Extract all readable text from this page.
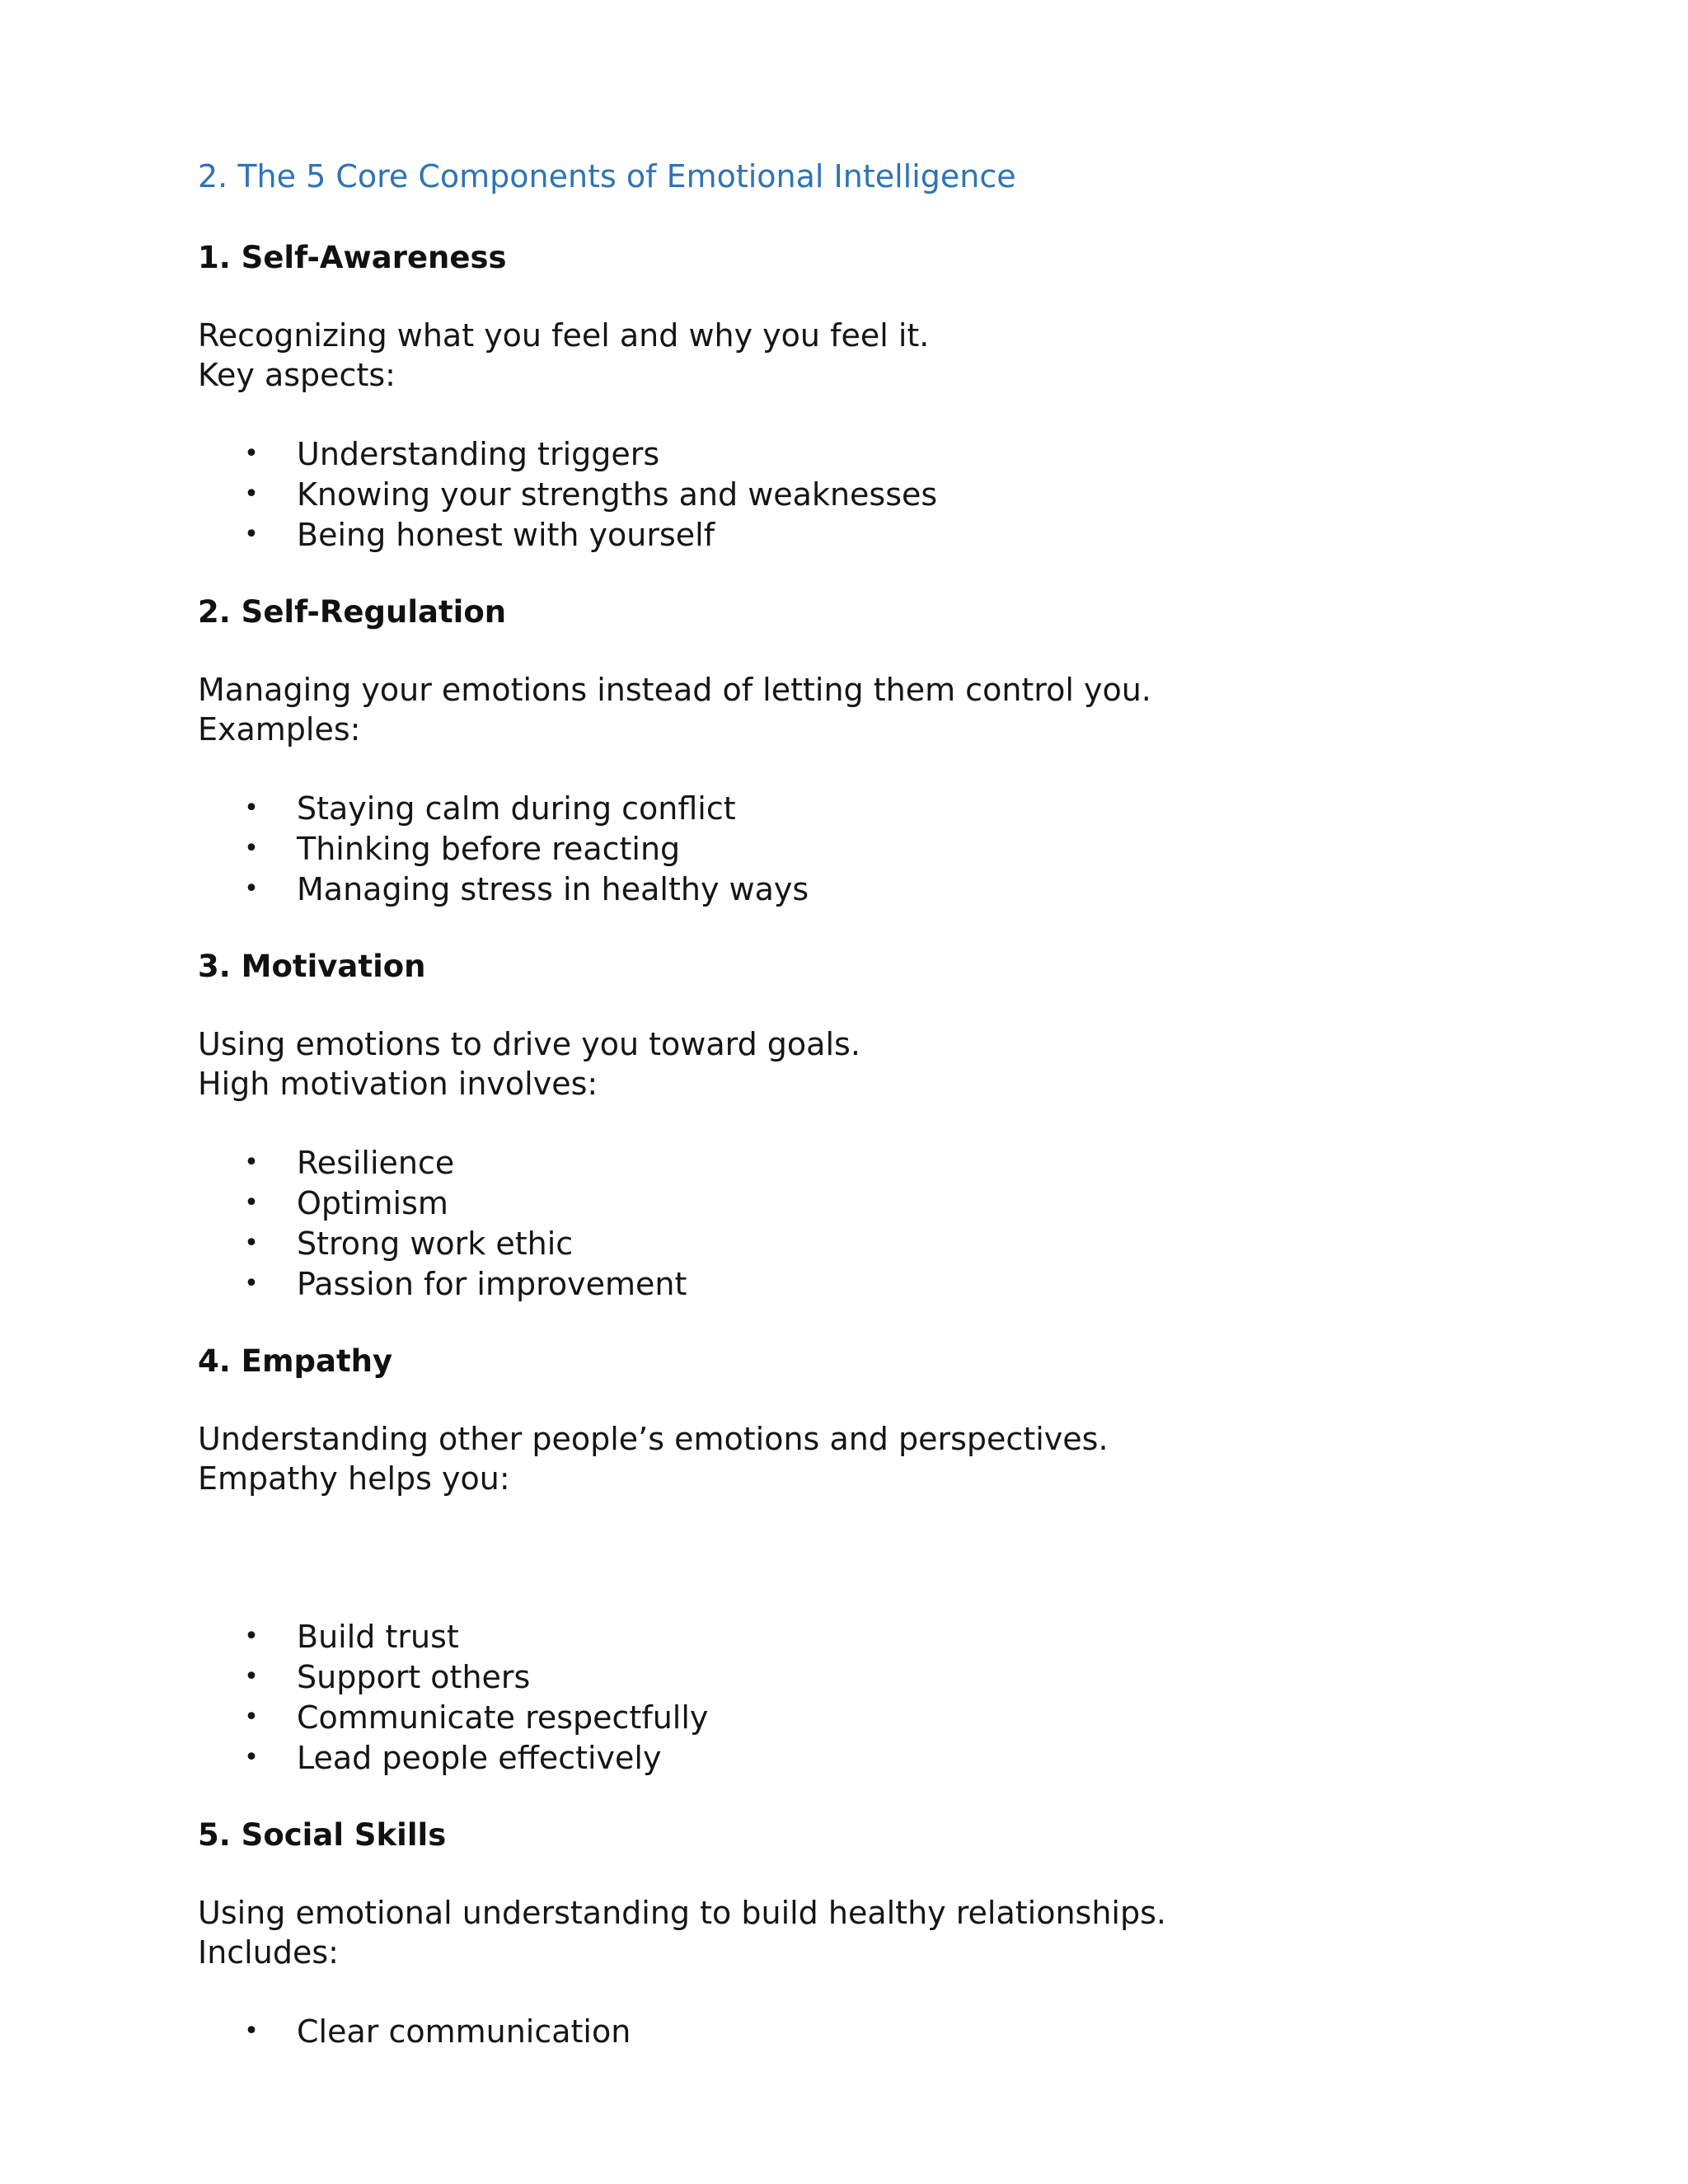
2. The 5 Core Components of Emotional Intelligence
1. Self-Awareness
Recognizing what you feel and why you feel it.
Key aspects:
• Understanding triggers
• Knowing your strengths and weaknesses
• Being honest with yourself
2. Self-Regulation
Managing your emotions instead of letting them control you.
Examples:
• Staying calm during conflict
• Thinking before reacting
• Managing stress in healthy ways
3. Motivation
Using emotions to drive you toward goals.
High motivation involves:
• Resilience
• Optimism
• Strong work ethic
• Passion for improvement
4. Empathy
Understanding other people’s emotions and perspectives.
Empathy helps you:
• Build trust
• Support others
• Communicate respectfully
• Lead people effectively
5. Social Skills
Using emotional understanding to build healthy relationships.
Includes:
• Clear communication
